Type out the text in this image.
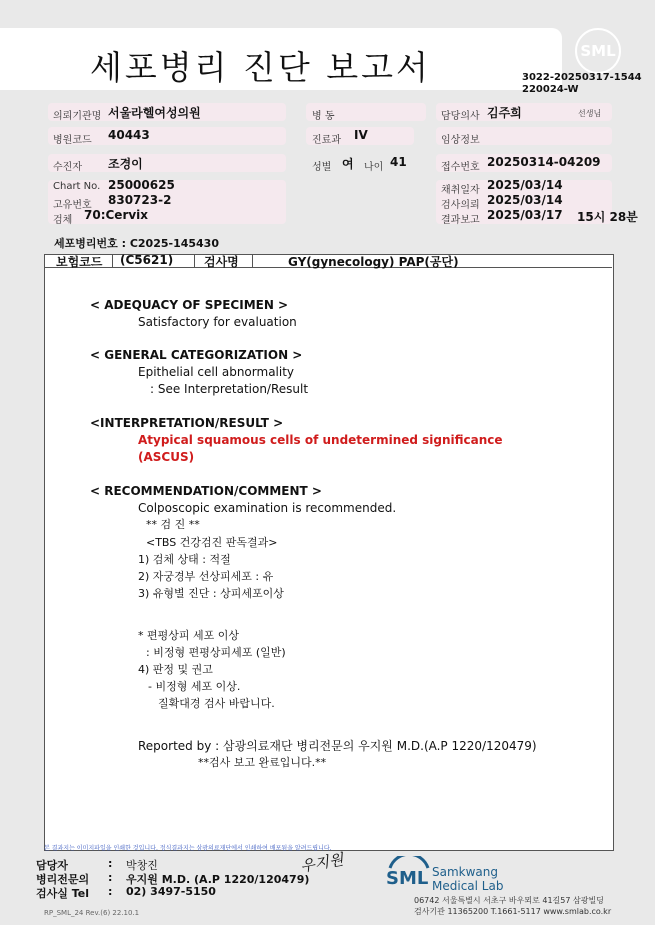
세포병리 진단 보고서	SML
3022-20250317-1544
220024-W
의뢰기관명 서울라헬여성의원	병 동	담당의사 김주희	선생님
병원코드 40443	진료과 IV	임상정보
수진자 조경이	성별 여 나이 41	접수번호 20250314-04209
Chart No. 25000625
고유번호 830723-2
검체 70:Cervix
채취일자 2025/03/14
검사의뢰 2025/03/14
결과보고 2025/03/17 15시 28분
세포병리번호 : C2025-145430
보험코드 (C5621)	검사명	GY(gynecology) PAP(공단)
< ADEQUACY OF SPECIMEN >
Satisfactory for evaluation
< GENERAL CATEGORIZATION >
Epithelial cell abnormality
: See Interpretation/Result
<INTERPRETATION/RESULT >
Atypical squamous cells of undetermined significance
(ASCUS)
< RECOMMENDATION/COMMENT >
Colposcopic examination is recommended.
** 검 진 **
<TBS 건강검진 판독결과>
1) 검체 상태 : 적절
2) 자궁경부 선상피세포 : 유
3) 유형별 진단 : 상피세포이상
* 편평상피 세포 이상
: 비정형 편평상피세포 (일반)
4) 판정 및 권고
- 비정형 세포 이상.
질확대경 검사 바랍니다.
Reported by : 삼광의료재단 병리전문의 우지원 M.D.(A.P 1220/120479)
**검사 보고 완료입니다.**
본 결과지는 이미지파일을 인쇄한 것입니다. 정식결과지는 삼광의료재단에서 인쇄하여 배포됨을 알려드립니다.
담당자	: 박창진
병리전문의 : 우지원 M.D. (A.P 1220/120479)
검사실 Tel : 02) 3497-5150
RP_SML_24 Rev.(6) 22.10.1
우지원
SML Samkwang
Medical Lab
06742 서울특별시 서초구 바우뫼로 41길57 삼광빌딩
검사기관 11365200 T.1661-5117 www.smlab.co.kr
